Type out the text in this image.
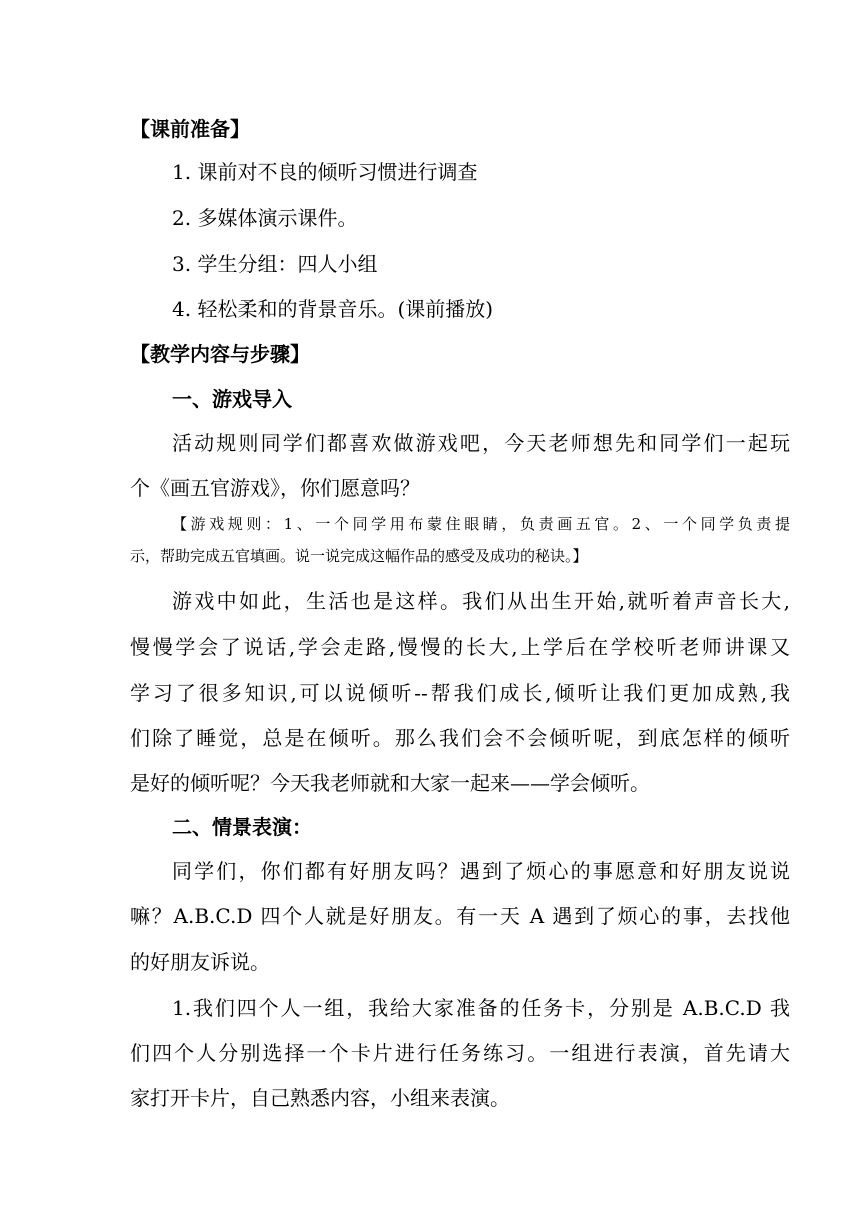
【课前准备】
1. 课前对不良的倾听习惯进行调查
2. 多媒体演示课件。
3. 学生分组：四人小组
4. 轻松柔和的背景音乐。(课前播放)
【教学内容与步骤】
一、游戏导入
活动规则同学们都喜欢做游戏吧，今天老师想先和同学们一起玩
个《画五官游戏》，你们愿意吗？
【游戏规则：1、一个同学用布蒙住眼睛，负责画五官。2、一个同学负责提
示，帮助完成五官填画。说一说完成这幅作品的感受及成功的秘诀。】
游戏中如此，生活也是这样。我们从出生开始,就听着声音长大,
慢慢学会了说话,学会走路,慢慢的长大,上学后在学校听老师讲课又
学习了很多知识,可以说倾听--帮我们成长,倾听让我们更加成熟,我
们除了睡觉，总是在倾听。那么我们会不会倾听呢，到底怎样的倾听
是好的倾听呢？今天我老师就和大家一起来——学会倾听。
二、情景表演：
同学们，你们都有好朋友吗？遇到了烦心的事愿意和好朋友说说
嘛？A.B.C.D 四个人就是好朋友。有一天 A 遇到了烦心的事，去找他
的好朋友诉说。
1.我们四个人一组，我给大家准备的任务卡，分别是 A.B.C.D 我
们四个人分别选择一个卡片进行任务练习。一组进行表演，首先请大
家打开卡片，自己熟悉内容，小组来表演。
